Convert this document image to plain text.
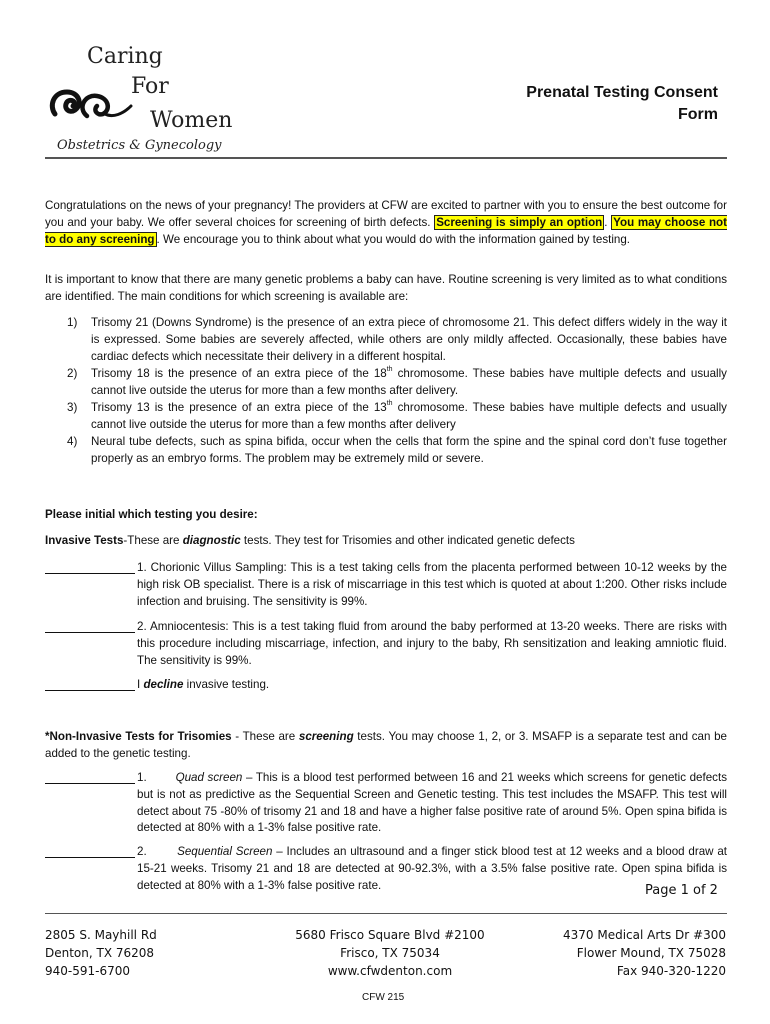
Caring
For
Women
Obstetrics & Gynecology
Prenatal Testing Consent
Form
Congratulations on the news of your pregnancy! The providers at CFW are excited to partner with you to ensure the best outcome for you and your baby. We offer several choices for screening of birth defects. Screening is simply an option . You may choose not to do any screening . We encourage you to think about what you would do with the information gained by testing.
It is important to know that there are many genetic problems a baby can have. Routine screening is very limited as to what conditions are identified. The main conditions for which screening is available are:
1) Trisomy 21 (Downs Syndrome) is the presence of an extra piece of chromosome 21. This defect differs widely in the way it is expressed. Some babies are severely affected, while others are only mildly affected. Occasionally, these babies have cardiac defects which necessitate their delivery in a different hospital.
2) Trisomy 18 is the presence of an extra piece of the 18th chromosome. These babies have multiple defects and usually cannot live outside the uterus for more than a few months after delivery.
3) Trisomy 13 is the presence of an extra piece of the 13th chromosome. These babies have multiple defects and usually cannot live outside the uterus for more than a few months after delivery
4) Neural tube defects, such as spina bifida, occur when the cells that form the spine and the spinal cord don’t fuse together properly as an embryo forms. The problem may be extremely mild or severe.
Please initial which testing you desire:
Invasive Tests-These are diagnostic tests. They test for Trisomies and other indicated genetic defects
1. Chorionic Villus Sampling: This is a test taking cells from the placenta performed between 10-12 weeks by the high risk OB specialist. There is a risk of miscarriage in this test which is quoted at about 1:200. Other risks include infection and bruising. The sensitivity is 99%.
2. Amniocentesis: This is a test taking fluid from around the baby performed at 13-20 weeks. There are risks with this procedure including miscarriage, infection, and injury to the baby, Rh sensitization and leaking amniotic fluid. The sensitivity is 99%.
I decline invasive testing.
*Non-Invasive Tests for Trisomies - These are screening tests. You may choose 1, 2, or 3. MSAFP is a separate test and can be added to the genetic testing.
1.        Quad screen – This is a blood test performed between 16 and 21 weeks which screens for genetic defects but is not as predictive as the Sequential Screen and Genetic testing. This test includes the MSAFP. This test will detect about 75 -80% of trisomy 21 and 18 and have a higher false positive rate of around 5%. Open spina bifida is detected at 80% with a 1-3% false positive rate.
2.        Sequential Screen – Includes an ultrasound and a finger stick blood test at 12 weeks and a blood draw at 15-21 weeks. Trisomy 21 and 18 are detected at 90-92.3%, with a 3.5% false positive rate. Open spina bifida is detected at 80% with a 1-3% false positive rate.	Page 1 of 2
2805 S. Mayhill Rd
Denton, TX 76208
940-591-6700
5680 Frisco Square Blvd #2100
Frisco, TX 75034
www.cfwdenton.com
4370 Medical Arts Dr #300
Flower Mound, TX 75028
Fax 940-320-1220
CFW 215
